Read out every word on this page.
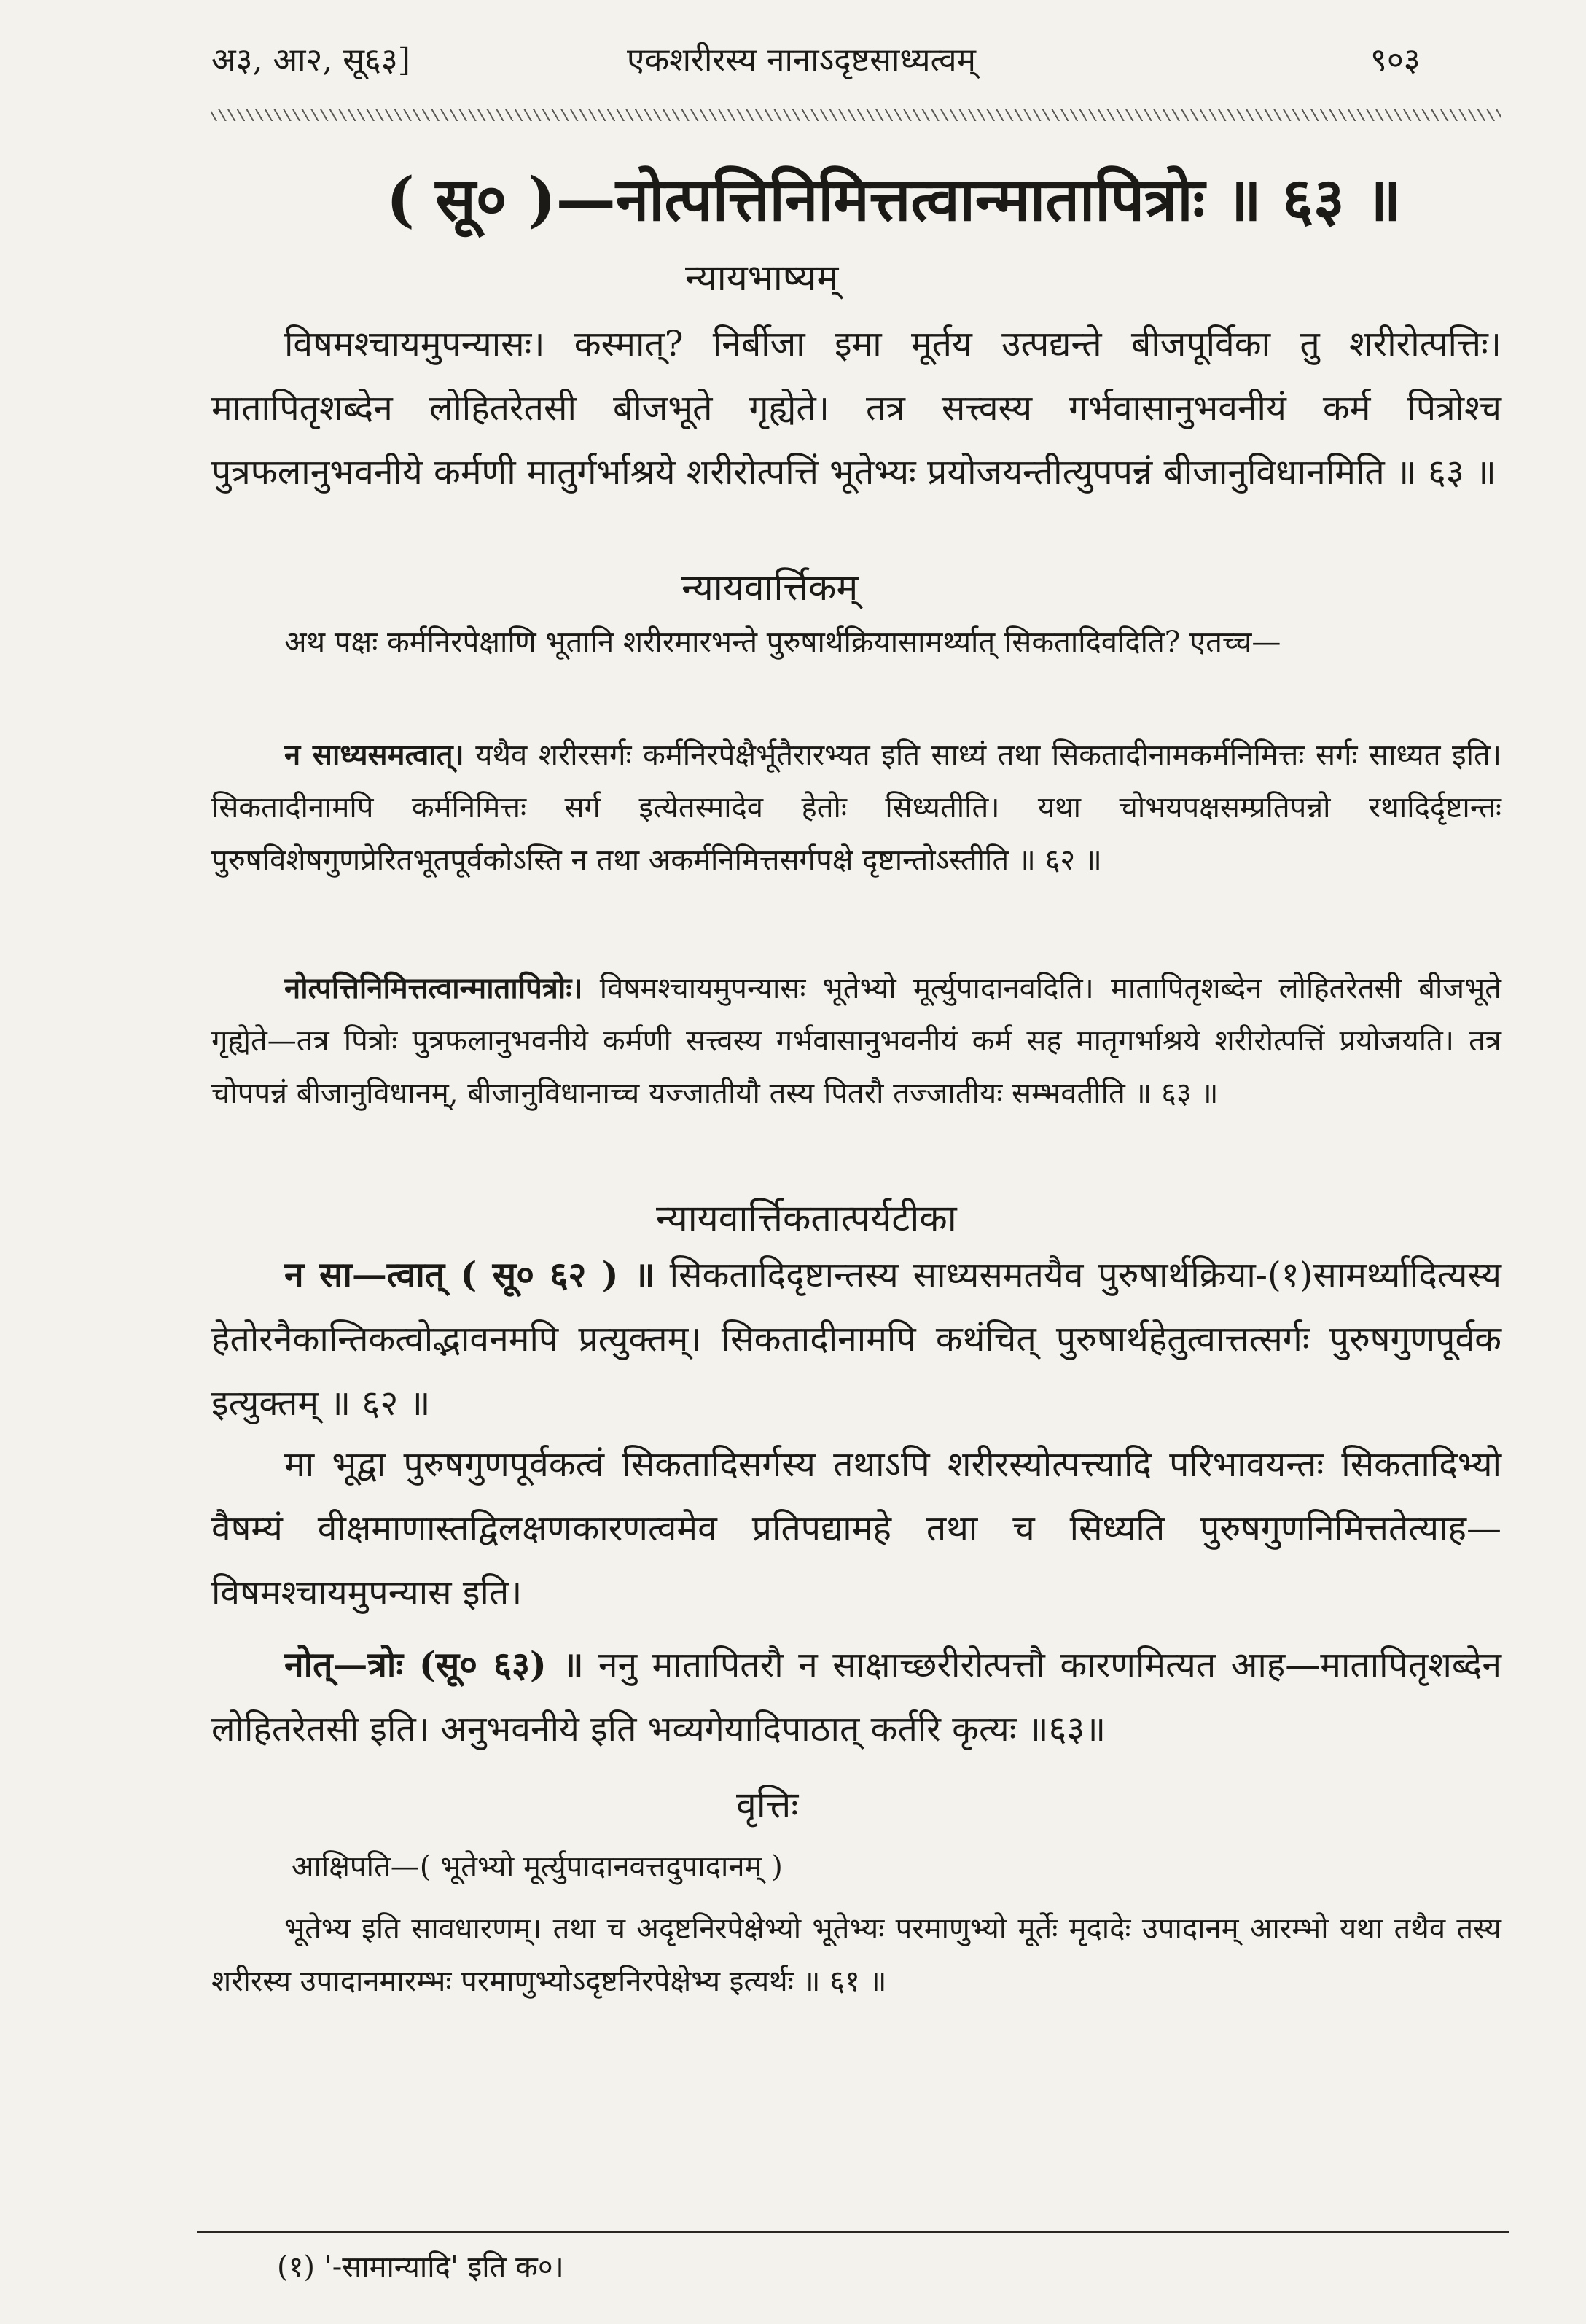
अ३, आ२, सू६३]	एकशरीरस्य नानाऽदृष्टसाध्यत्वम्	९०३

( सू० )—नोत्पत्तिनिमित्तत्वान्मातापित्रोः ॥ ६३ ॥

न्यायभाष्यम्

विषमश्चायमुपन्यासः। कस्मात्? निर्बीजा इमा मूर्तय उत्पद्यन्ते बीजपूर्विका तु शरीरोत्पत्तिः। मातापितृशब्देन लोहितरेतसी बीजभूते गृह्येते। तत्र सत्त्वस्य गर्भवासानुभवनीयं कर्म पित्रोश्च पुत्रफलानुभवनीये कर्मणी मातुर्गर्भाश्रये शरीरोत्पत्तिं भूतेभ्यः प्रयोजयन्तीत्युपपन्नं बीजानुविधानमिति ॥ ६३ ॥

न्यायवार्त्तिकम्

अथ पक्षः कर्मनिरपेक्षाणि भूतानि शरीरमारभन्ते पुरुषार्थक्रियासामर्थ्यात् सिकतादिवदिति? एतच्च—

न साध्यसमत्वात्। यथैव शरीरसर्गः कर्मनिरपेक्षैर्भूतैरारभ्यत इति साध्यं तथा सिकतादीनामकर्मनिमित्तः सर्गः साध्यत इति। सिकतादीनामपि कर्मनिमित्तः सर्ग इत्येतस्मादेव हेतोः सिध्यतीति। यथा चोभयपक्षसम्प्रतिपन्नो रथादिर्दृष्टान्तः पुरुषविशेषगुणप्रेरितभूतपूर्वकोऽस्ति न तथा अकर्मनिमित्तसर्गपक्षे दृष्टान्तोऽस्तीति ॥ ६२ ॥

नोत्पत्तिनिमित्तत्वान्मातापित्रोः। विषमश्चायमुपन्यासः भूतेभ्यो मूर्त्युपादानवदिति। मातापितृशब्देन लोहितरेतसी बीजभूते गृह्येते—तत्र पित्रोः पुत्रफलानुभवनीये कर्मणी सत्त्वस्य गर्भवासानुभवनीयं कर्म सह मातृगर्भाश्रये शरीरोत्पत्तिं प्रयोजयति। तत्र चोपपन्नं बीजानुविधानम्, बीजानुविधानाच्च यज्जातीयौ तस्य पितरौ तज्जातीयः सम्भवतीति ॥ ६३ ॥

न्यायवार्त्तिकतात्पर्यटीका

न सा—त्वात् ( सू० ६२ ) ॥ सिकतादिदृष्टान्तस्य साध्यसमतयैव पुरुषार्थक्रिया-(१)सामर्थ्यादित्यस्य हेतोरनैकान्तिकत्वोद्भावनमपि प्रत्युक्तम्। सिकतादीनामपि कथंचित् पुरुषार्थहेतुत्वात्तत्सर्गः पुरुषगुणपूर्वक इत्युक्तम् ॥ ६२ ॥

मा भूद्वा पुरुषगुणपूर्वकत्वं सिकतादिसर्गस्य तथाऽपि शरीरस्योत्पत्त्यादि परिभावयन्तः सिकतादिभ्यो वैषम्यं वीक्षमाणास्तद्विलक्षणकारणत्वमेव प्रतिपद्यामहे तथा च सिध्यति पुरुषगुणनिमित्ततेत्याह—विषमश्चायमुपन्यास इति।

नोत्—त्रोः (सू० ६३) ॥ ननु मातापितरौ न साक्षाच्छरीरोत्पत्तौ कारणमित्यत आह—मातापितृशब्देन लोहितरेतसी इति। अनुभवनीये इति भव्यगेयादिपाठात् कर्तरि कृत्यः ॥६३॥

वृत्तिः

आक्षिपति—( भूतेभ्यो मूर्त्युपादानवत्तदुपादानम् )

भूतेभ्य इति सावधारणम्। तथा च अदृष्टनिरपेक्षेभ्यो भूतेभ्यः परमाणुभ्यो मूर्तेः मृदादेः उपादानम् आरम्भो यथा तथैव तस्य शरीरस्य उपादानमारम्भः परमाणुभ्योऽदृष्टनिरपेक्षेभ्य इत्यर्थः ॥ ६१ ॥

(१) '-सामान्यादि' इति क०।
